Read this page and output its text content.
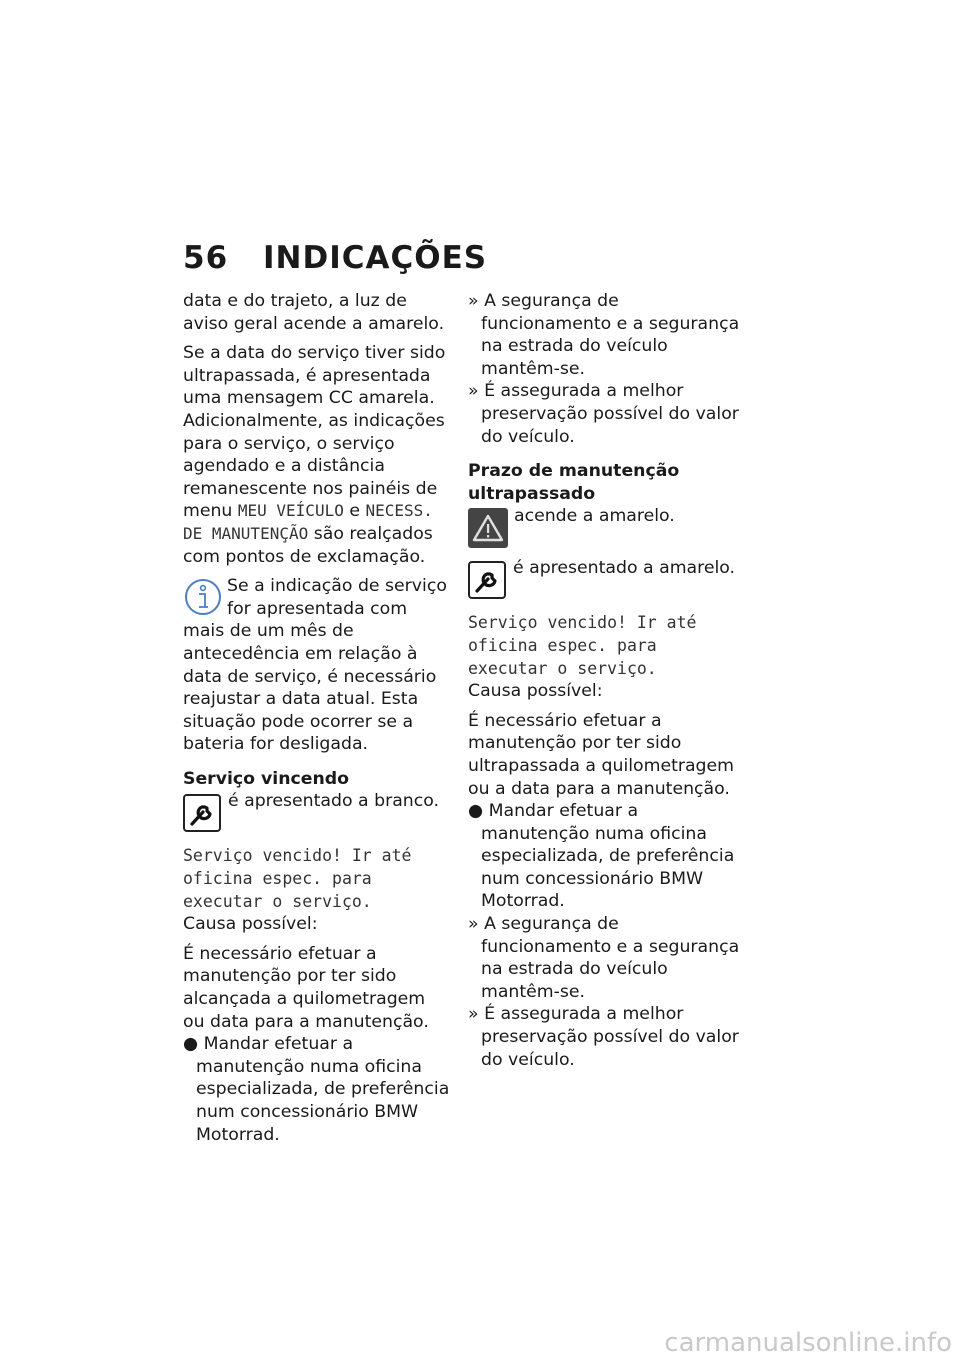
56 INDICAÇÕES

data e do trajeto, a luz de aviso geral acende a amarelo.

Se a data do serviço tiver sido ultrapassada, é apresentada uma mensagem CC amarela. Adicionalmente, as indicações para o serviço, o serviço agendado e a distância remanescente nos painéis de menu MEU VEÍCULO e NECESS. DE MANUTENÇÃO são realçados com pontos de exclamação.

Se a indicação de serviço for apresentada com mais de um mês de antecedência em relação à data de serviço, é necessário reajustar a data atual. Esta situação pode ocorrer se a bateria for desligada.
Serviço vincendo
é apresentado a branco.
Serviço vencido! Ir até oficina espec. para executar o serviço.
Causa possível:

É necessário efetuar a manutenção por ter sido alcançada a quilometragem ou data para a manutenção.

● Mandar efetuar a manutenção numa oficina especializada, de preferência num concessionário BMW Motorrad.
» A segurança de funcionamento e a segurança na estrada do veículo mantêm-se.
» É assegurada a melhor preservação possível do valor do veículo.
Prazo de manutenção ultrapassado
acende a amarelo.
é apresentado a amarelo.
Serviço vencido! Ir até oficina espec. para executar o serviço.
Causa possível:

É necessário efetuar a manutenção por ter sido ultrapassada a quilometragem ou a data para a manutenção.

● Mandar efetuar a manutenção numa oficina especializada, de preferência num concessionário BMW Motorrad.
» A segurança de funcionamento e a segurança na estrada do veículo mantêm-se.
» É assegurada a melhor preservação possível do valor do veículo.
carmanualsonline.info
